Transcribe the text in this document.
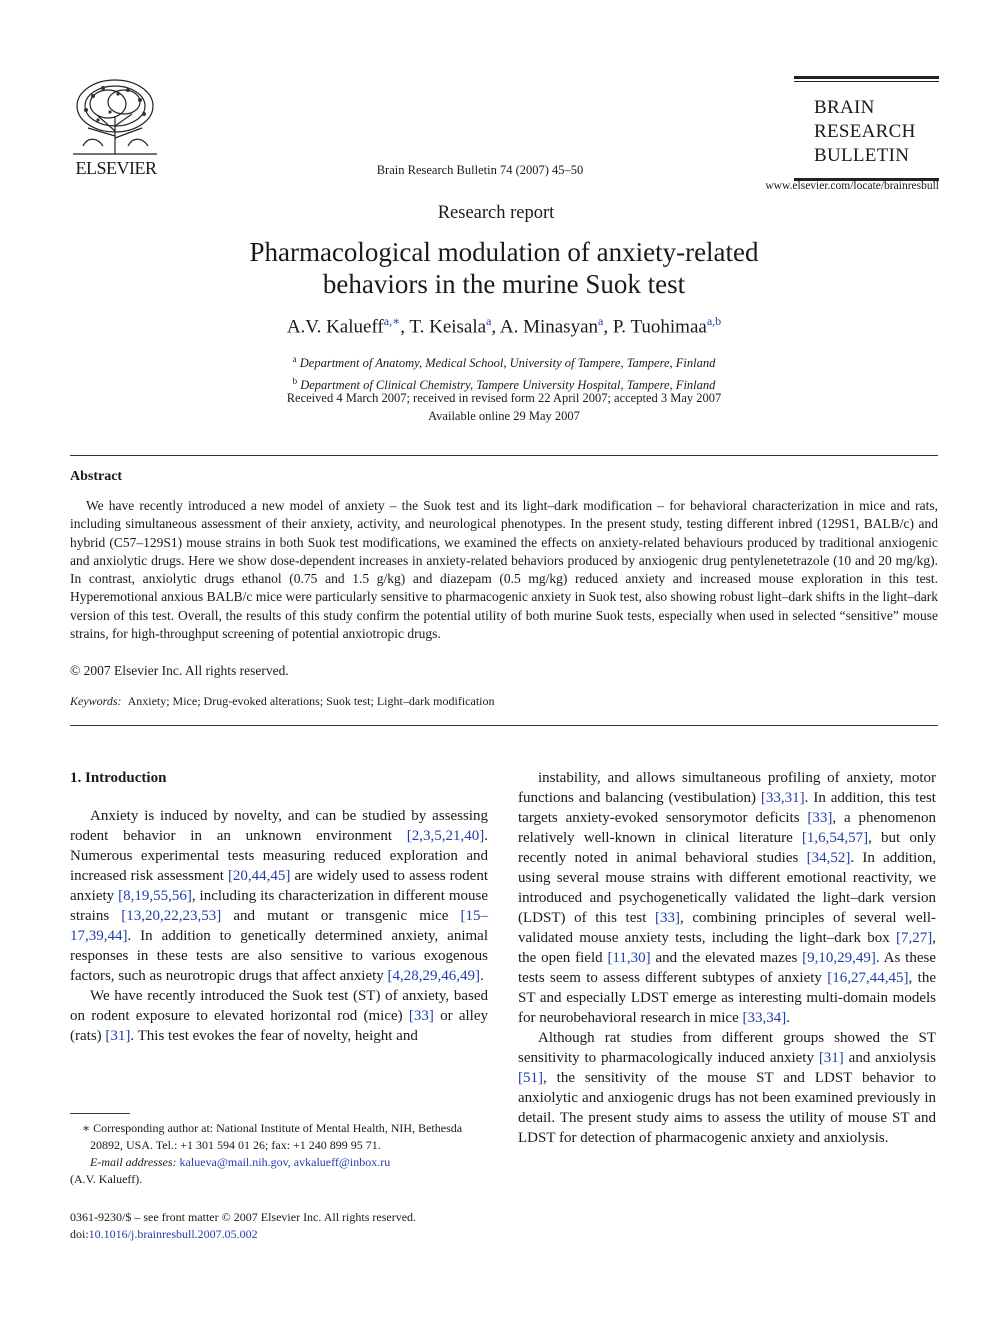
ELSEVIER	Brain Research Bulletin 74 (2007) 45–50
BRAIN
RESEARCH
BULLETIN
www.elsevier.com/locate/brainresbull
Research report
Pharmacological modulation of anxiety-related
behaviors in the murine Suok test
A.V. Kalueff$^{a,∗}$, T. Keisala$^a$, A. Minasyan$^a$, P. Tuohimaa$^{a,b}$
$^a$ Department of Anatomy, Medical School, University of Tampere, Tampere, Finland
$^b$ Department of Clinical Chemistry, Tampere University Hospital, Tampere, Finland
Received 4 March 2007; received in revised form 22 April 2007; accepted 3 May 2007
Available online 29 May 2007
Abstract
We have recently introduced a new model of anxiety – the Suok test and its light–dark modification – for behavioral characterization in mice and rats, including simultaneous assessment of their anxiety, activity, and neurological phenotypes. In the present study, testing different inbred (129S1, BALB/c) and hybrid (C57–129S1) mouse strains in both Suok test modifications, we examined the effects on anxiety-related behaviours produced by traditional anxiogenic and anxiolytic drugs. Here we show dose-dependent increases in anxiety-related behaviors produced by anxiogenic drug pentylenetetrazole (10 and 20 mg/kg). In contrast, anxiolytic drugs ethanol (0.75 and 1.5 g/kg) and diazepam (0.5 mg/kg) reduced anxiety and increased mouse exploration in this test. Hyperemotional anxious BALB/c mice were particularly sensitive to pharmacogenic anxiety in Suok test, also showing robust light–dark shifts in the light–dark version of this test. Overall, the results of this study confirm the potential utility of both murine Suok tests, especially when used in selected “sensitive” mouse strains, for high-throughput screening of potential anxiotropic drugs.
© 2007 Elsevier Inc. All rights reserved.
Keywords: Anxiety; Mice; Drug-evoked alterations; Suok test; Light–dark modification
1. Introduction

Anxiety is induced by novelty, and can be studied by assessing rodent behavior in an unknown environment [2,3,5,21,40]. Numerous experimental tests measuring reduced exploration and increased risk assessment [20,44,45] are widely used to assess rodent anxiety [8,19,55,56], including its characterization in different mouse strains [13,20,22,23,53] and mutant or transgenic mice [15–17,39,44]. In addition to genetically determined anxiety, animal responses in these tests are also sensitive to various exogenous factors, such as neurotropic drugs that affect anxiety [4,28,29,46,49].

We have recently introduced the Suok test (ST) of anxiety, based on rodent exposure to elevated horizontal rod (mice) [33] or alley (rats) [31]. This test evokes the fear of novelty, height and

instability, and allows simultaneous profiling of anxiety, motor functions and balancing (vestibulation) [33,31]. In addition, this test targets anxiety-evoked sensorymotor deficits [33], a phenomenon relatively well-known in clinical literature [1,6,54,57], but only recently noted in animal behavioral studies [34,52]. In addition, using several mouse strains with different emotional reactivity, we introduced and psychogenetically validated the light–dark version (LDST) of this test [33], combining principles of several well-validated mouse anxiety tests, including the light–dark box [7,27], the open field [11,30] and the elevated mazes [9,10,29,49]. As these tests seem to assess different subtypes of anxiety [16,27,44,45], the ST and especially LDST emerge as interesting multi-domain models for neurobehavioral research in mice [33,34].

Although rat studies from different groups showed the ST sensitivity to pharmacologically induced anxiety [31] and anxiolysis [51], the sensitivity of the mouse ST and LDST behavior to anxiolytic and anxiogenic drugs has not been examined previously in detail. The present study aims to assess the utility of mouse ST and LDST for detection of pharmacogenic anxiety and anxiolysis.

∗ Corresponding author at: National Institute of Mental Health, NIH, Bethesda 20892, USA. Tel.: +1 301 594 01 26; fax: +1 240 899 95 71.
E-mail addresses: kalueva@mail.nih.gov, avkalueff@inbox.ru
(A.V. Kalueff).
0361-9230/$ – see front matter © 2007 Elsevier Inc. All rights reserved.
doi:10.1016/j.brainresbull.2007.05.002
